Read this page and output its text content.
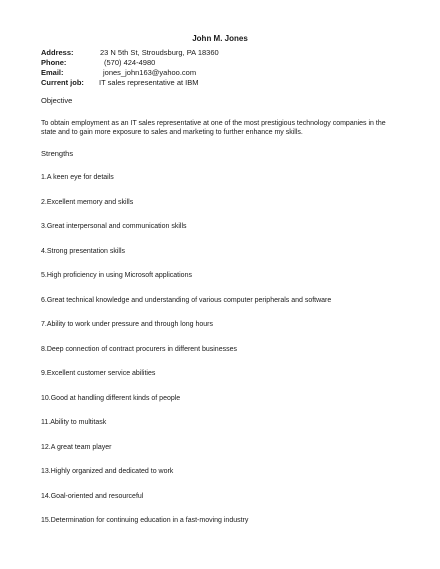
John M. Jones
Address:	23 N 5th St, Stroudsburg, PA 18360
Phone:	(570) 424-4980
Email:	jones_john163@yahoo.com
Current job: IT sales representative at IBM
Objective
To obtain employment as an IT sales representative at one of the most prestigious technology companies in the state and to gain more exposure to sales and marketing to further enhance my skills.
Strengths
1.A keen eye for details
2.Excellent memory and skills
3.Great interpersonal and communication skills
4.Strong presentation skills
5.High proficiency in using Microsoft applications
6.Great technical knowledge and understanding of various computer peripherals and software
7.Ability to work under pressure and through long hours
8.Deep connection of contract procurers in different businesses
9.Excellent customer service abilities
10.Good at handling different kinds of people
11.Ability to multitask
12.A great team player
13.Highly organized and dedicated to work
14.Goal-oriented and resourceful
15.Determination for continuing education in a fast-moving industry
